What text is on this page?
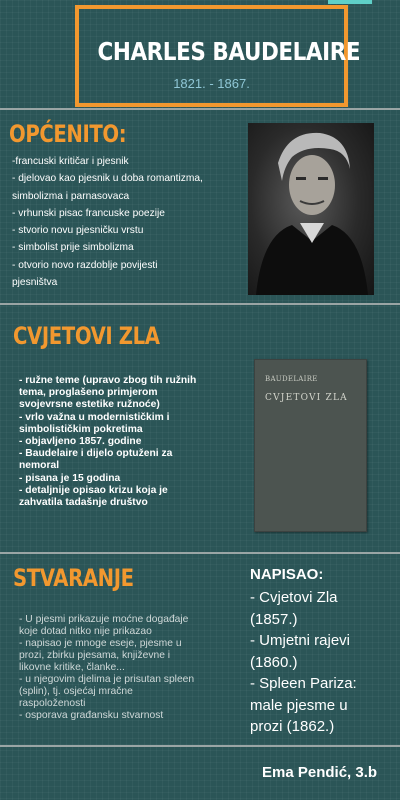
CHARLES BAUDELAIRE
1821. - 1867.
OPĆENITO:
-francuski kritičar i pjesnik
- djelovao kao pjesnik u doba romantizma,
simbolizma i parnasovaca
- vrhunski pisac francuske poezije
- stvorio novu pjesničku vrstu
- simbolist prije simbolizma
- otvorio novo razdoblje povijesti
pjesništva
CVJETOVI ZLA
- ružne teme (upravo zbog tih ružnih
tema, proglašeno primjerom
svojevrsne estetike ružnoće)
- vrlo važna u modernističkim i
simbolističkim pokretima
- objavljeno 1857. godine
- Baudelaire i dijelo optuženi za
nemoral
- pisana je 15 godina
- detaljnije opisao krizu koja je
zahvatila tadašnje društvo
BAUDELAIRE
CVJETOVI ZLA
STVARANJE
- U pjesmi prikazuje moćne događaje
koje dotad nitko nije prikazao
- napisao je mnoge eseje, pjesme u
prozi, zbirku pjesama, književne i
likovne kritike, članke...
- u njegovim djelima je prisutan spleen
(splin), tj. osjećaj mračne
raspoloženosti
- osporava građansku stvarnost
NAPISAO:
- Cvjetovi Zla
(1857.)
- Umjetni rajevi
(1860.)
- Spleen Pariza:
male pjesme u
prozi (1862.)
Ema Pendić, 3.b
